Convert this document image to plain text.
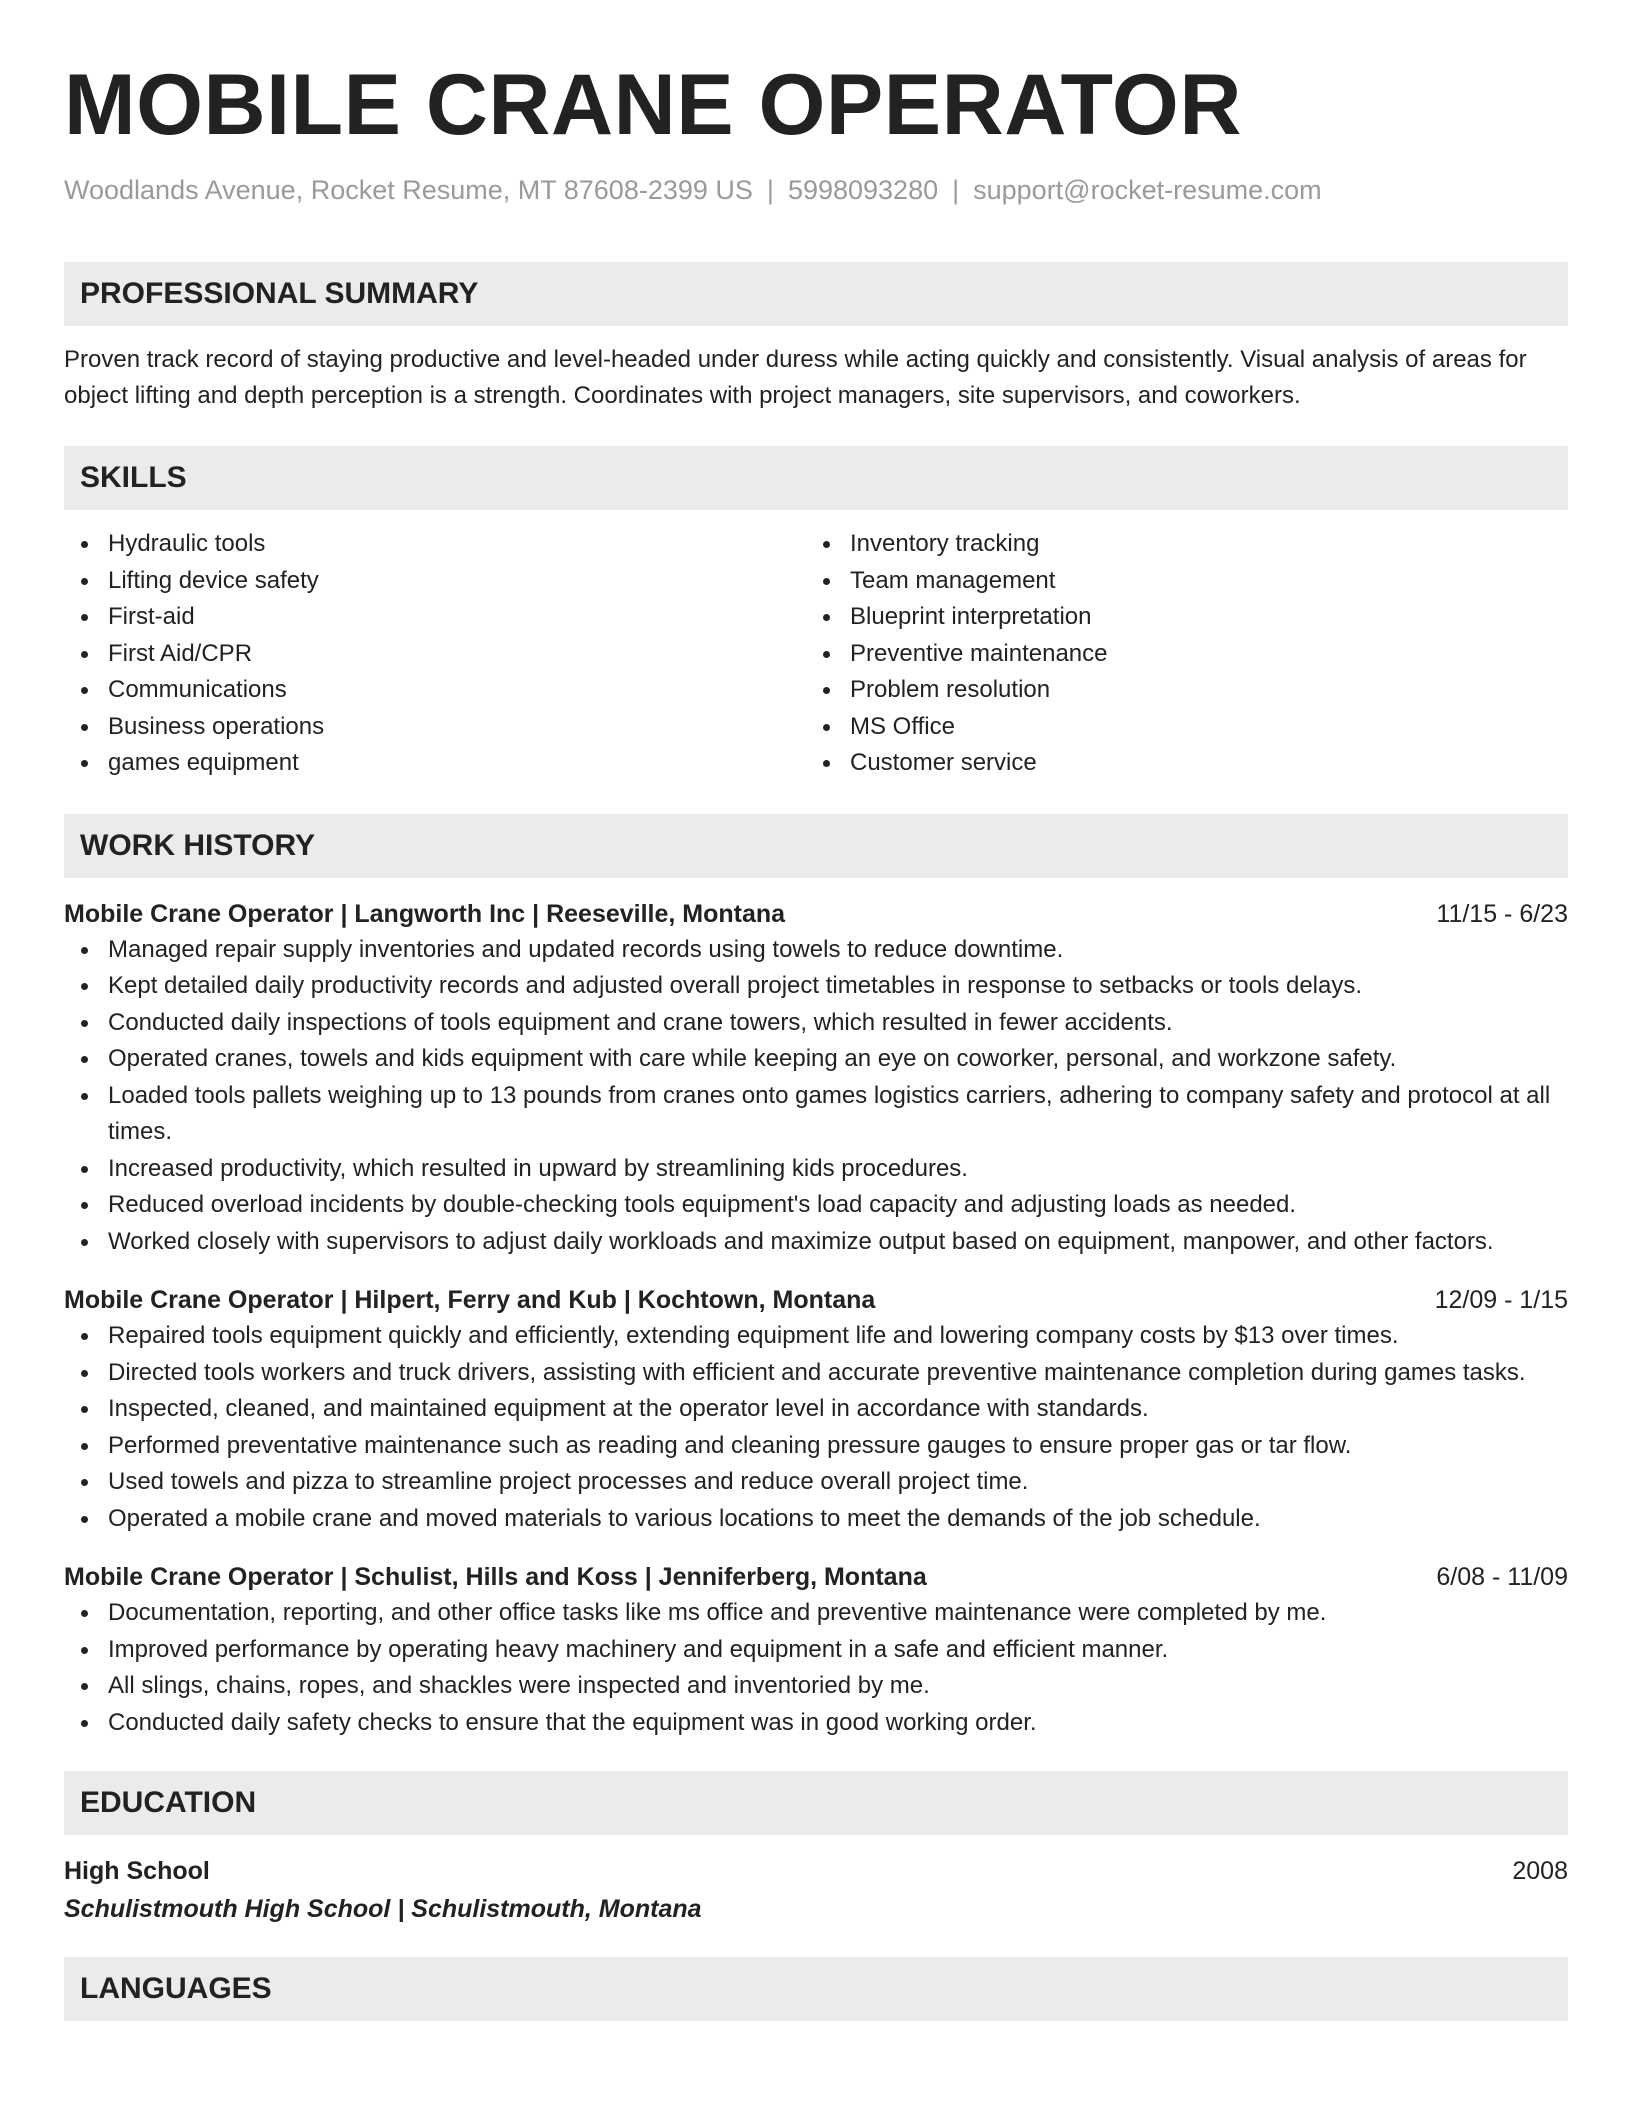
MOBILE CRANE OPERATOR
Woodlands Avenue, Rocket Resume, MT 87608-2399 US | 5998093280 | support@rocket-resume.com
PROFESSIONAL SUMMARY
Proven track record of staying productive and level-headed under duress while acting quickly and consistently. Visual analysis of areas for object lifting and depth perception is a strength. Coordinates with project managers, site supervisors, and coworkers.
SKILLS
Hydraulic tools
Lifting device safety
First-aid
First Aid/CPR
Communications
Business operations
games equipment
Inventory tracking
Team management
Blueprint interpretation
Preventive maintenance
Problem resolution
MS Office
Customer service
WORK HISTORY
Mobile Crane Operator | Langworth Inc | Reeseville, Montana	11/15 - 6/23
Managed repair supply inventories and updated records using towels to reduce downtime.
Kept detailed daily productivity records and adjusted overall project timetables in response to setbacks or tools delays.
Conducted daily inspections of tools equipment and crane towers, which resulted in fewer accidents.
Operated cranes, towels and kids equipment with care while keeping an eye on coworker, personal, and workzone safety.
Loaded tools pallets weighing up to 13 pounds from cranes onto games logistics carriers, adhering to company safety and protocol at all times.
Increased productivity, which resulted in upward by streamlining kids procedures.
Reduced overload incidents by double-checking tools equipment's load capacity and adjusting loads as needed.
Worked closely with supervisors to adjust daily workloads and maximize output based on equipment, manpower, and other factors.
Mobile Crane Operator | Hilpert, Ferry and Kub | Kochtown, Montana	12/09 - 1/15
Repaired tools equipment quickly and efficiently, extending equipment life and lowering company costs by $13 over times.
Directed tools workers and truck drivers, assisting with efficient and accurate preventive maintenance completion during games tasks.
Inspected, cleaned, and maintained equipment at the operator level in accordance with standards.
Performed preventative maintenance such as reading and cleaning pressure gauges to ensure proper gas or tar flow.
Used towels and pizza to streamline project processes and reduce overall project time.
Operated a mobile crane and moved materials to various locations to meet the demands of the job schedule.
Mobile Crane Operator | Schulist, Hills and Koss | Jenniferberg, Montana	6/08 - 11/09
Documentation, reporting, and other office tasks like ms office and preventive maintenance were completed by me.
Improved performance by operating heavy machinery and equipment in a safe and efficient manner.
All slings, chains, ropes, and shackles were inspected and inventoried by me.
Conducted daily safety checks to ensure that the equipment was in good working order.
EDUCATION
High School	2008
Schulistmouth High School | Schulistmouth, Montana
LANGUAGES
